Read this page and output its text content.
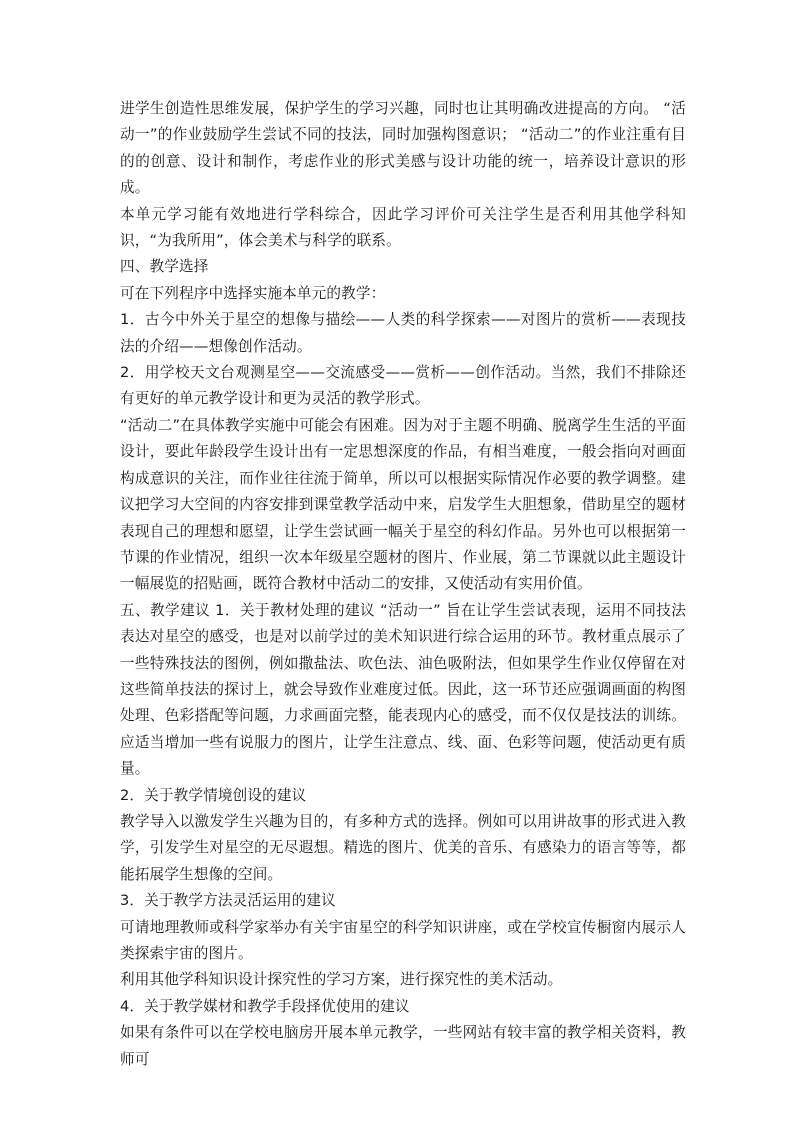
进学生创造性思维发展，保护学生的学习兴趣，同时也让其明确改进提高的方向。 “活动一”的作业鼓励学生尝试不同的技法，同时加强构图意识； “活动二”的作业注重有目的的创意、设计和制作，考虑作业的形式美感与设计功能的统一，培养设计意识的形成。

本单元学习能有效地进行学科综合，因此学习评价可关注学生是否利用其他学科知识，“为我所用”，体会美术与科学的联系。

四、教学选择

可在下列程序中选择实施本单元的教学：

1．古今中外关于星空的想像与描绘——人类的科学探索——对图片的赏析——表现技法的介绍——想像创作活动。

2．用学校天文台观测星空——交流感受——赏析——创作活动。当然，我们不排除还有更好的单元教学设计和更为灵活的教学形式。

“活动二”在具体教学实施中可能会有困难。因为对于主题不明确、脱离学生生活的平面设计，要此年龄段学生设计出有一定思想深度的作品，有相当难度，一般会指向对画面构成意识的关注，而作业往往流于简单，所以可以根据实际情况作必要的教学调整。建议把学习大空间的内容安排到课堂教学活动中来，启发学生大胆想象，借助星空的题材表现自己的理想和愿望，让学生尝试画一幅关于星空的科幻作品。另外也可以根据第一节课的作业情况，组织一次本年级星空题材的图片、作业展，第二节课就以此主题设计一幅展览的招贴画，既符合教材中活动二的安排，又使活动有实用价值。

五、教学建议 1．关于教材处理的建议 “活动一” 旨在让学生尝试表现，运用不同技法表达对星空的感受，也是对以前学过的美术知识进行综合运用的环节。教材重点展示了一些特殊技法的图例，例如撒盐法、吹色法、油色吸附法，但如果学生作业仅停留在对这些简单技法的探讨上，就会导致作业难度过低。因此，这一环节还应强调画面的构图处理、色彩搭配等问题，力求画面完整，能表现内心的感受，而不仅仅是技法的训练。应适当增加一些有说服力的图片，让学生注意点、线、面、色彩等问题，使活动更有质量。

2．关于教学情境创设的建议

教学导入以激发学生兴趣为目的，有多种方式的选择。例如可以用讲故事的形式进入教学，引发学生对星空的无尽遐想。精选的图片、优美的音乐、有感染力的语言等等，都能拓展学生想像的空间。

3．关于教学方法灵活运用的建议

可请地理教师或科学家举办有关宇宙星空的科学知识讲座，或在学校宣传橱窗内展示人类探索宇宙的图片。

利用其他学科知识设计探究性的学习方案，进行探究性的美术活动。

4．关于教学媒材和教学手段择优使用的建议

如果有条件可以在学校电脑房开展本单元教学，一些网站有较丰富的教学相关资料，教师可
